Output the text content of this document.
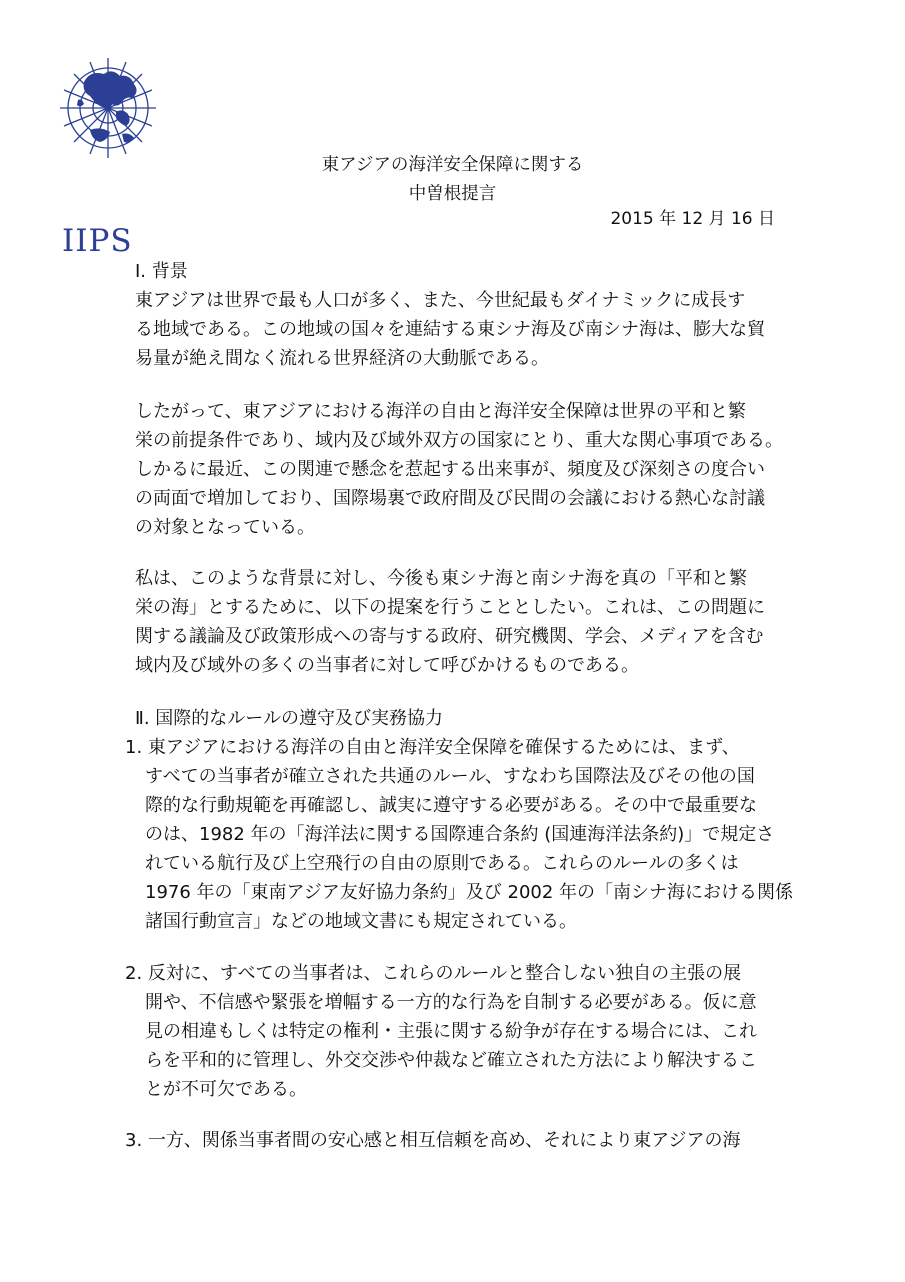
IIPS
東アジアの海洋安全保障に関する
中曽根提言
2015 年 12 月 16 日
Ⅰ. 背景
東アジアは世界で最も人口が多く、また、今世紀最もダイナミックに成長す
る地域である。この地域の国々を連結する東シナ海及び南シナ海は、膨大な貿
易量が絶え間なく流れる世界経済の大動脈である。
したがって、東アジアにおける海洋の自由と海洋安全保障は世界の平和と繁
栄の前提条件であり、域内及び域外双方の国家にとり、重大な関心事項である。
しかるに最近、この関連で懸念を惹起する出来事が、頻度及び深刻さの度合い
の両面で増加しており、国際場裏で政府間及び民間の会議における熱心な討議
の対象となっている。
私は、このような背景に対し、今後も東シナ海と南シナ海を真の「平和と繁
栄の海」とするために、以下の提案を行うこととしたい。これは、この問題に
関する議論及び政策形成への寄与する政府、研究機関、学会、メディアを含む
域内及び域外の多くの当事者に対して呼びかけるものである。
Ⅱ. 国際的なルールの遵守及び実務協力
1. 東アジアにおける海洋の自由と海洋安全保障を確保するためには、まず、
すべての当事者が確立された共通のルール、すなわち国際法及びその他の国
際的な行動規範を再確認し、誠実に遵守する必要がある。その中で最重要な
のは、1982 年の「海洋法に関する国際連合条約 (国連海洋法条約)」で規定さ
れている航行及び上空飛行の自由の原則である。これらのルールの多くは
1976 年の「東南アジア友好協力条約」及び 2002 年の「南シナ海における関係
諸国行動宣言」などの地域文書にも規定されている。
2. 反対に、すべての当事者は、これらのルールと整合しない独自の主張の展
開や、不信感や緊張を増幅する一方的な行為を自制する必要がある。仮に意
見の相違もしくは特定の権利・主張に関する紛争が存在する場合には、これ
らを平和的に管理し、外交交渉や仲裁など確立された方法により解決するこ
とが不可欠である。
3. 一方、関係当事者間の安心感と相互信頼を高め、それにより東アジアの海
